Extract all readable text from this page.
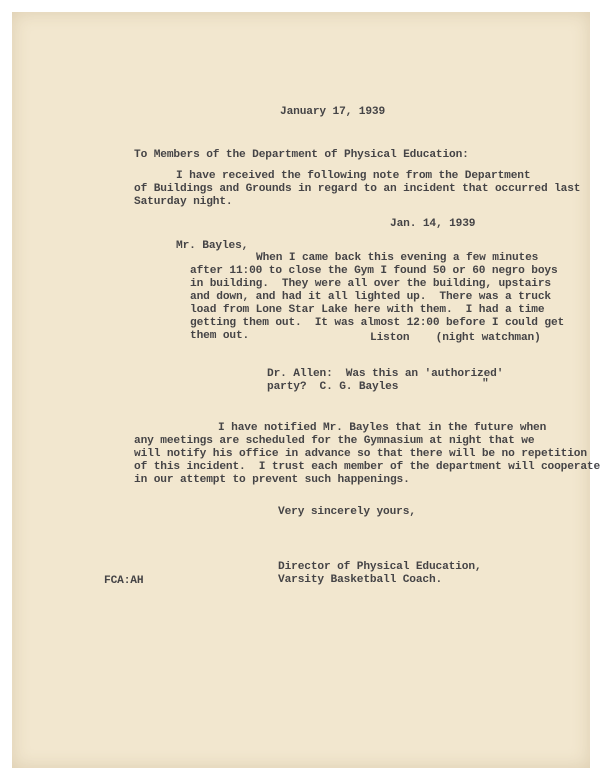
January 17, 1939
To Members of the Department of Physical Education:
I have received the following note from the Department
of Buildings and Grounds in regard to an incident that occurred last
Saturday night.
Jan. 14, 1939
Mr. Bayles,
When I came back this evening a few minutes
after 11:00 to close the Gym I found 50 or 60 negro boys
in building.  They were all over the building, upstairs
and down, and had it all lighted up.  There was a truck
load from Lone Star Lake here with them.  I had a time
getting them out.  It was almost 12:00 before I could get
them out.	Liston    (night watchman)
Dr. Allen:  Was this an 'authorized'
party?  C. G. Bayles	"
I have notified Mr. Bayles that in the future when
any meetings are scheduled for the Gymnasium at night that we
will notify his office in advance so that there will be no repetition
of this incident.  I trust each member of the department will cooperate
in our attempt to prevent such happenings.
Very sincerely yours,
Director of Physical Education,
Varsity Basketball Coach.
FCA:AH
